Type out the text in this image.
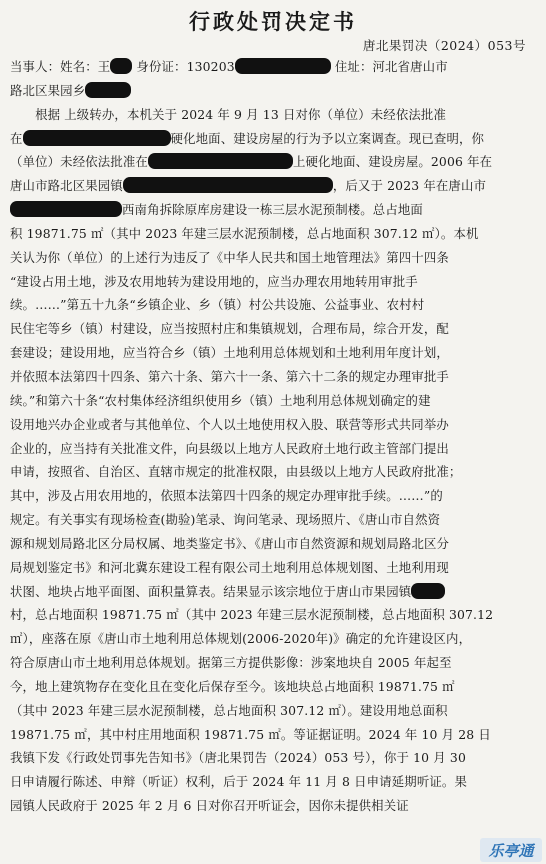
行政处罚决定书
唐北果罚决（2024）053号
当事人：姓名：王 身份证：130203	住址：河北省唐山市
路北区果园乡
　　根据 上级转办，本机关于 2024 年 9 月 13 日对你（单位）未经依法批准
在	硬化地面、建设房屋的行为予以立案调查。现已查明，你
（单位）未经依法批准在	上硬化地面、建设房屋。2006 年在
唐山市路北区果园镇	，后又于 2023 年在唐山市
西南角拆除原库房建设一栋三层水泥预制楼。总占地面
积 19871.75 ㎡（其中 2023 年建三层水泥预制楼，总占地面积 307.12 ㎡）。本机
关认为你（单位）的上述行为违反了《中华人民共和国土地管理法》第四十四条
“建设占用土地，涉及农用地转为建设用地的，应当办理农用地转用审批手
续。……”第五十九条“乡镇企业、乡（镇）村公共设施、公益事业、农村村
民住宅等乡（镇）村建设，应当按照村庄和集镇规划，合理布局，综合开发，配
套建设；建设用地，应当符合乡（镇）土地利用总体规划和土地利用年度计划，
并依照本法第四十四条、第六十条、第六十一条、第六十二条的规定办理审批手
续。”和第六十条“农村集体经济组织使用乡（镇）土地利用总体规划确定的建
设用地兴办企业或者与其他单位、个人以土地使用权入股、联营等形式共同举办
企业的，应当持有关批准文件，向县级以上地方人民政府土地行政主管部门提出
申请，按照省、自治区、直辖市规定的批准权限，由县级以上地方人民政府批准；
其中，涉及占用农用地的，依照本法第四十四条的规定办理审批手续。……”的
规定。有关事实有现场检查(勘验)笔录、询问笔录、现场照片、《唐山市自然资
源和规划局路北区分局权属、地类鉴定书》、《唐山市自然资源和规划局路北区分
局规划鉴定书》和河北冀东建设工程有限公司土地利用总体规划图、土地利用现
状图、地块占地平面图、面积量算表。结果显示该宗地位于唐山市果园镇
村，总占地面积 19871.75 ㎡（其中 2023 年建三层水泥预制楼，总占地面积 307.12
㎡），座落在原《唐山市土地利用总体规划(2006-2020年)》确定的允许建设区内，
符合原唐山市土地利用总体规划。据第三方提供影像：涉案地块自 2005 年起至
今，地上建筑物存在变化且在变化后保存至今。该地块总占地面积 19871.75 ㎡
（其中 2023 年建三层水泥预制楼，总占地面积 307.12 ㎡）。建设用地总面积
19871.75 ㎡，其中村庄用地面积 19871.75 ㎡。等证据证明。2024 年 10 月 28 日
我镇下发《行政处罚事先告知书》（唐北果罚告（2024）053 号），你于 10 月 30
日申请履行陈述、申辩（听证）权利，后于 2024 年 11 月 8 日申请延期听证。果
园镇人民政府于 2025 年 2 月 6 日对你召开听证会，因你未提供相关证
乐亭通
